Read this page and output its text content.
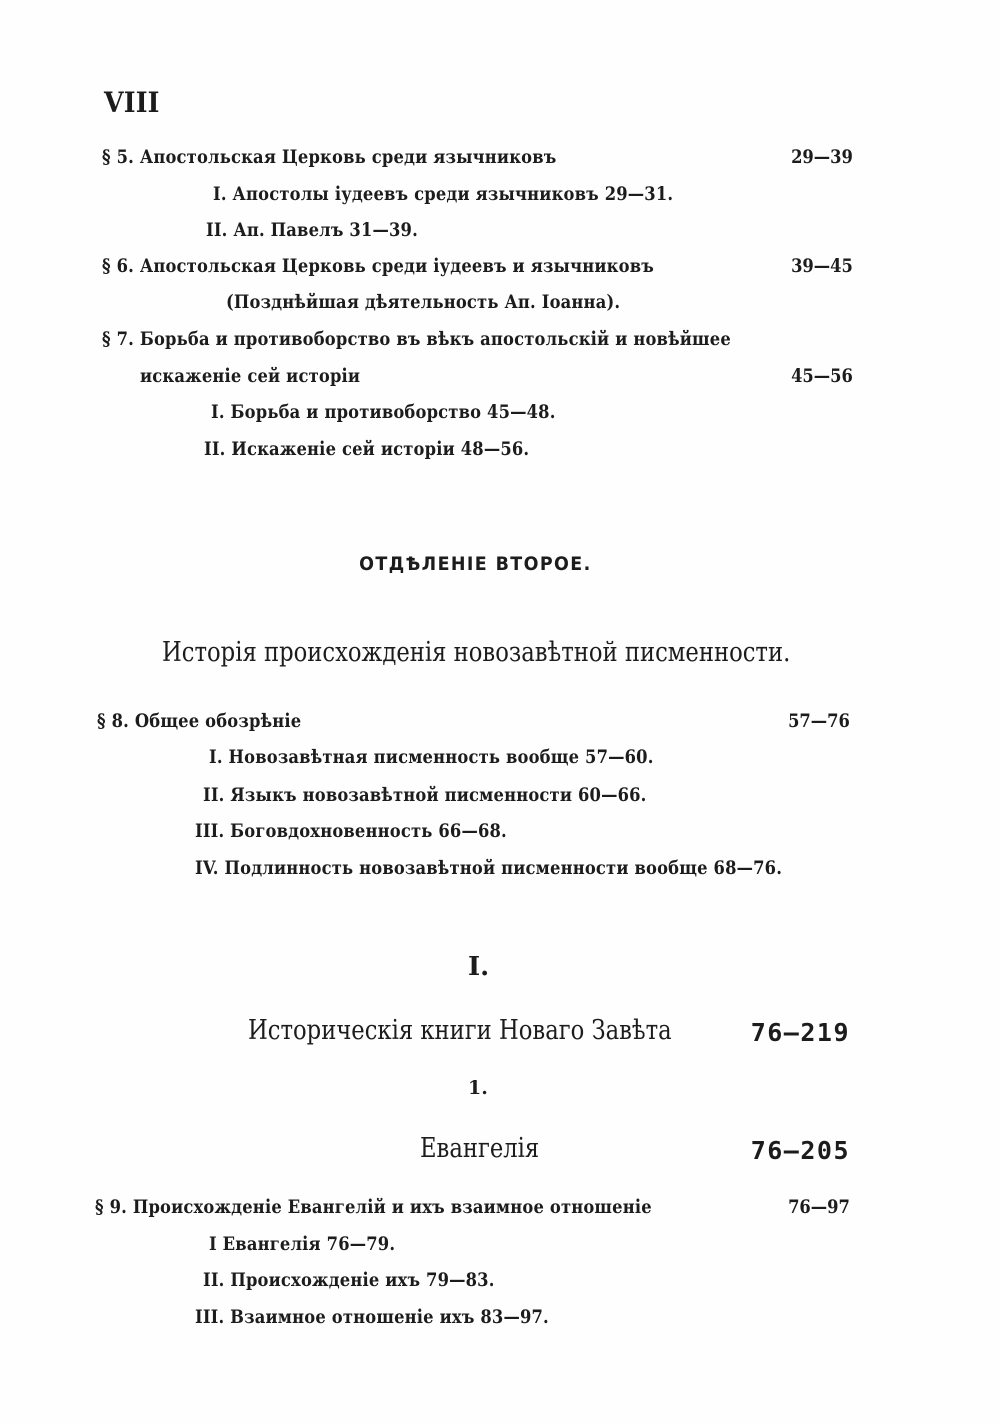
VIII
§ 5. Апостольская Церковь среди язычниковъ	29—39
I. Апостолы іудеевъ среди язычниковъ 29—31.
II. Ап. Павелъ 31—39.
§ 6. Апостольская Церковь среди іудеевъ и язычниковъ	39—45
(Позднѣйшая дѣятельность Ап. Іоанна).
§ 7. Борьба и противоборство въ вѣкъ апостольскій и новѣйшее
искаженіе сей исторіи	45—56
I. Борьба и противоборство 45—48.
II. Искаженіе сей исторіи 48—56.
ОТДѢЛЕНІЕ ВТОРОЕ.
Исторія происхожденія новозавѣтной писменности.
§ 8. Общее обозрѣніе	57—76
I. Новозавѣтная писменность вообще 57—60.
II. Языкъ новозавѣтной писменности 60—66.
III. Боговдохновенность 66—68.
IV. Подлинность новозавѣтной писменности вообще 68—76.
I.
Историческія книги Новаго Завѣта	76—219
1.
Евангелія	76—205
§ 9. Происхожденіе Евангелій и ихъ взаимное отношеніе	76—97
I Евангелія 76—79.
II. Происхожденіе ихъ 79—83.
III. Взаимное отношеніе ихъ 83—97.
